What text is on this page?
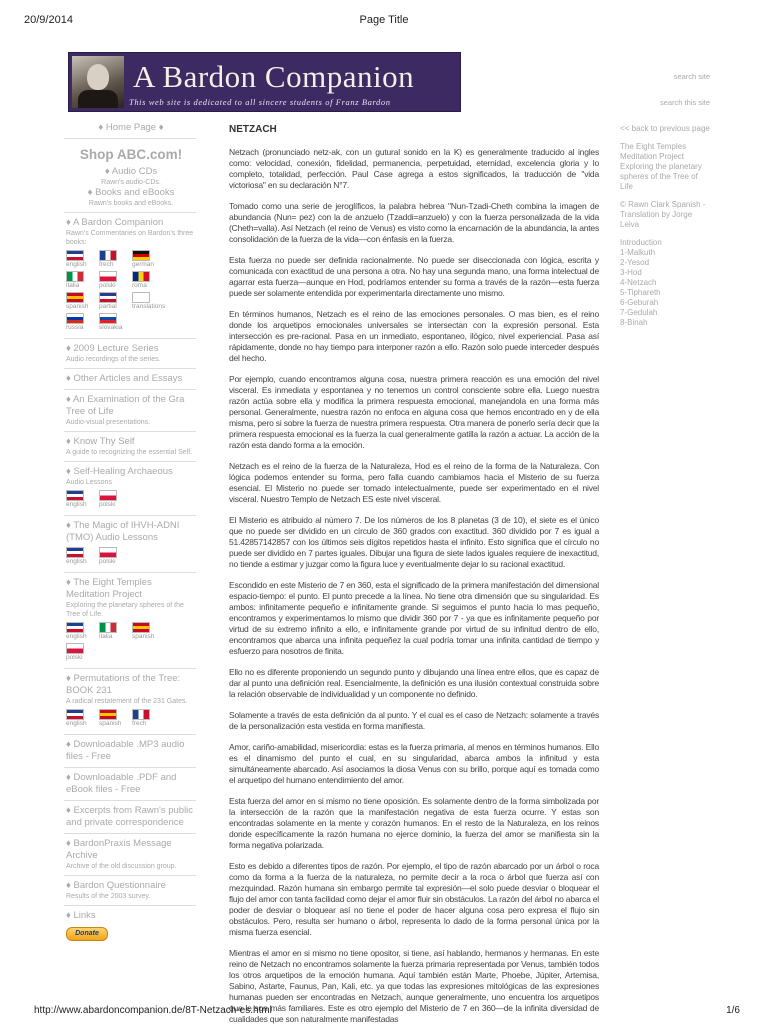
20/9/2014	Page Title
A Bardon Companion
This web site is dedicated to all sincere students of Franz Bardon
♦ Home Page ♦
Shop ABC.com!
♦ Audio CDs
Rawn's audio-CDs.
♦ Books and eBooks
Rawn's books and eBooks.
♦ A Bardon Companion
Rawn's Commentaries on Bardon's three books:
english	frech	german
italia	polski	roma
spanish	partial	translations
russia	slovakia
♦ 2009 Lecture Series
Audio recordings of the series.
♦ Other Articles and Essays
♦ An Examination of the Gra Tree of Life
Audio-visual presentations.
♦ Know Thy Self
A guide to recognizing the essential Self.
♦ Self-Healing Archaeous
Audio Lessons
english	polski
♦ The Magic of IHVH-ADNI (TMO) Audio Lessons
english	polski
♦ The Eight Temples Meditation Project
Exploring the planetary spheres of the Tree of Life.
english	italia	spanish
polski
♦ Permutations of the Tree: BOOK 231
A radical restatement of the 231 Gates.
english	spanish	frech
♦ Downloadable .MP3 audio files - Free
♦ Downloadable .PDF and eBook files - Free
♦ Excerpts from Rawn's public and private correspondence
♦ BardonPraxis Message Archive
Archive of the old discussion group.
♦ Bardon Questionnaire
Results of the 2003 survey.
♦ Links
Donate
NETZACH

Netzach (pronunciado netz-ak, con un gutural sonido en la K) es generalmente traducido al ingles como: velocidad, conexión, fidelidad, permanencia, perpetuidad, eternidad, excelencia gloria y lo completo, totalidad, perfección. Paul Case agrega a estos significados, la traducción de "vida victoriosa" en su declaración N°7.

Tomado como una serie de jeroglíficos, la palabra hebrea "Nun-Tzadi-Cheth combina la imagen de abundancia (Nun= pez) con la de anzuelo (Tzaddi=anzuelo) y con la fuerza personalizada de la vida (Cheth=valla). Así Netzach (el reino de Venus) es visto como la encarnación de la abundancia, la antes consolidación de la fuerza de la vida—con énfasis en la fuerza.

Esta fuerza no puede ser definida racionalmente. No puede ser diseccionada con lógica, escrita y comunicada con exactitud de una persona a otra. No hay una segunda mano, una forma intelectual de agarrar esta fuerza—aunque en Hod, podríamos entender su forma a través de la razón—esta fuerza puede ser solamente entendida por experimentarla directamente uno mismo.

En términos humanos, Netzach es el reino de las emociones personales. O mas bien, es el reino donde los arquetipos emocionales universales se intersectan con la expresión personal. Esta intersección es pre-racional. Pasa en un inmediato, espontaneo, ilógico, nivel experiencial. Pasa así rápidamente, donde no hay tiempo para interponer razón a ello. Razón solo puede interceder después del hecho.

Por ejemplo, cuando encontramos alguna cosa, nuestra primera reacción es una emoción del nivel visceral. Es inmediata y espontanea y no tenemos un control consciente sobre ella. Luego nuestra razón actúa sobre ella y modifica la primera respuesta emocional, manejandola en una forma más personal. Generalmente, nuestra razón no enfoca en alguna cosa que hemos encontrado en y de ella misma, pero si sobre la fuerza de nuestra primera respuesta. Otra manera de ponerlo sería decir que la primera respuesta emocional es la fuerza la cual generalmente gatilla la razón a actuar. La acción de la razón esta dando forma a la emoción.

Netzach es el reino de la fuerza de la Naturaleza, Hod es el reino de la forma de la Naturaleza. Con lógica podemos entender su forma, pero falla cuando cambiamos hacia el Misterio de su fuerza esencial. El Misterio no puede ser tomado intelectualmente, puede ser experimentado en el nivel visceral. Nuestro Templo de Netzach ES este nivel visceral.

El Misterio es atribuido al número 7. De los números de los 8 planetas (3 de 10), el siete es el único que no puede ser dividido en un círculo de 360 grados con exactitud. 360 dividido por 7 es igual a 51.42857142857 con los últimos seis dígitos repetidos hasta el infinito. Esto significa que el círculo no puede ser dividido en 7 partes iguales. Dibujar una figura de siete lados iguales requiere de inexactitud, no tiende a estimar y juzgar como la figura luce y eventualmente dejar lo su racional exactitud.

Escondido en este Misterio de 7 en 360, esta el significado de la primera manifestación del dimensional espacio-tiempo: el punto. El punto precede a la línea. No tiene otra dimensión que su singularidad. Es ambos: infinitamente pequeño e infinitamente grande. Si seguimos el punto hacia lo mas pequeño, encontramos y experimentamos lo mismo que dividir 360 por 7 - ya que es infinitamente pequeño por virtud de su extremo infinito a ello, e infinitamente grande por virtud de su infinitud dentro de ello, encontramos que abarca una infinita pequeñez la cual podría tomar una infinita cantidad de tiempo y esfuerzo para nosotros de finita.

Ello no es diferente proponiendo un segundo punto y dibujando una línea entre ellos, que es capaz de dar al punto una definición real. Esencialmente, la definición es una ilusión contextual construida sobre la relación observable de individualidad y un componente no definido.

Solamente a través de esta definición da al punto. Y el cual es el caso de Netzach: solamente a través de la personalización esta vestida en forma manifiesta.

Amor, cariño-amabilidad, misericordia: estas es la fuerza primaria, al menos en términos humanos. Ello es el dinamismo del punto el cual, en su singularidad, abarca ambos la infinitud y esta simultáneamente abarcado. Así asociamos la diosa Venus con su brillo, porque aquí es tomada como el arquetipo del humano entendimiento del amor.

Esta fuerza del amor en si mismo no tiene oposición. Es solamente dentro de la forma simbolizada por la intersección de la razón que la manifestación negativa de esta fuerza ocurre. Y estas son encontradas solamente en la mente y corazón humanos. En el resto de la Naturaleza, en los reinos donde específicamente la razón humana no ejerce dominio, la fuerza del amor se manifiesta sin la forma negativa polarizada.

Esto es debido a diferentes tipos de razón. Por ejemplo, el tipo de razón abarcado por un árbol o roca como da forma a la fuerza de la naturaleza, no permite decir a la roca o árbol que fuerza así con mezquindad. Razón humana sin embargo permite tal expresión—el solo puede desviar o bloquear el flujo del amor con tanta facilidad como dejar el amor fluir sin obstáculos. La razón del árbol no abarca el poder de desviar o bloquear así no tiene el poder de hacer alguna cosa pero expresa el flujo sin obstáculos. Pero, resulta ser humano o árbol, representa lo dado de la forma personal única por la misma fuerza esencial.

Mientras el amor en si mismo no tiene opositor, si tiene, así hablando, hermanos y hermanas. En este reino de Netzach no encontramos solamente la fuerza primaria representada por Venus, también todos los otros arquetipos de la emoción humana. Aquí también están Marte, Phoebe, Júpiter, Artemisa, Sabino, Astarte, Faunus, Pan, Kali, etc. ya que todas las expresiones mitológicas de las expresiones humanas pueden ser encontradas en Netzach, aunque generalmente, uno encuentra los arquetipos que le son más familiares. Este es otro ejemplo del Misterio de 7 en 360—de la infinita diversidad de cualidades que son naturalmente manifestadas

search site
search this site
<< back to previous page
The Eight Temples Meditation Project Exploring the planetary spheres of the Tree of Life
© Rawn Clark Spanish - Translation by Jorge Leiva
Introduction
1-Malkuth
2-Yesod
3-Hod
4-Netzach
5-Tiphareth
6-Geburah
7-Gedulah
8-Binah
http://www.abardoncompanion.de/8T-Netzach-es.html	1/6
